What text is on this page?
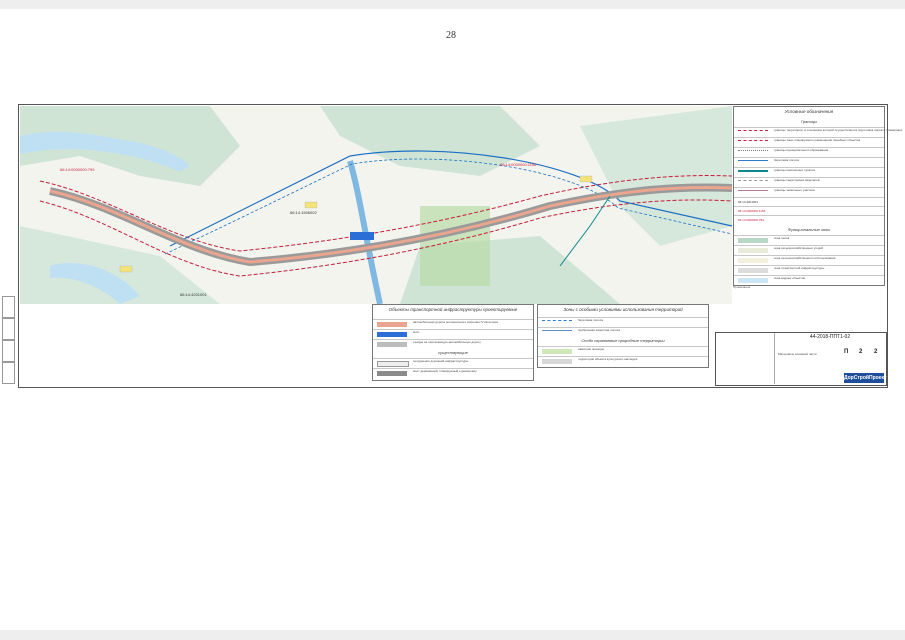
28
66:14:0000000:799
66:14:0000000:1156
66:14:4201001
66:14:1506002
Условные обозначения
Границы
границы территории, в отношении которой осуществляется подготовка проекта планировки
границы зоны планируемого размещения линейных объектов
границы муниципального образования
береговая полоса
границы населенных пунктов
границы кадастровых кварталов
границы земельных участков
66:14:4201001
66:14:0000000:1156
66:14:0000000:799
Функциональные зоны
зона лесов
зона сельскохозяйственных угодий
зона сельскохозяйственного использования
зона транспортной инфраструктуры
зона водных объектов
Объекты транспортной инфраструктуры проектируемые
автомобильная дорога регионального значения IV категории
мост
съезды на прилегающую автомобильную дорогу
существующие
сооружения дорожной инфраструктуры
мост деревянный, планируемый к демонтажу
Зоны с особыми условиями использования территорий
береговая полоса
прибрежная защитная полоса
Особо охраняемые природные территории
памятник природы
территория объекта культурного наследия
Примечания
44-2018-ППТ1-02
Материалы основной части	П 2 2
ДорСтройПроект
